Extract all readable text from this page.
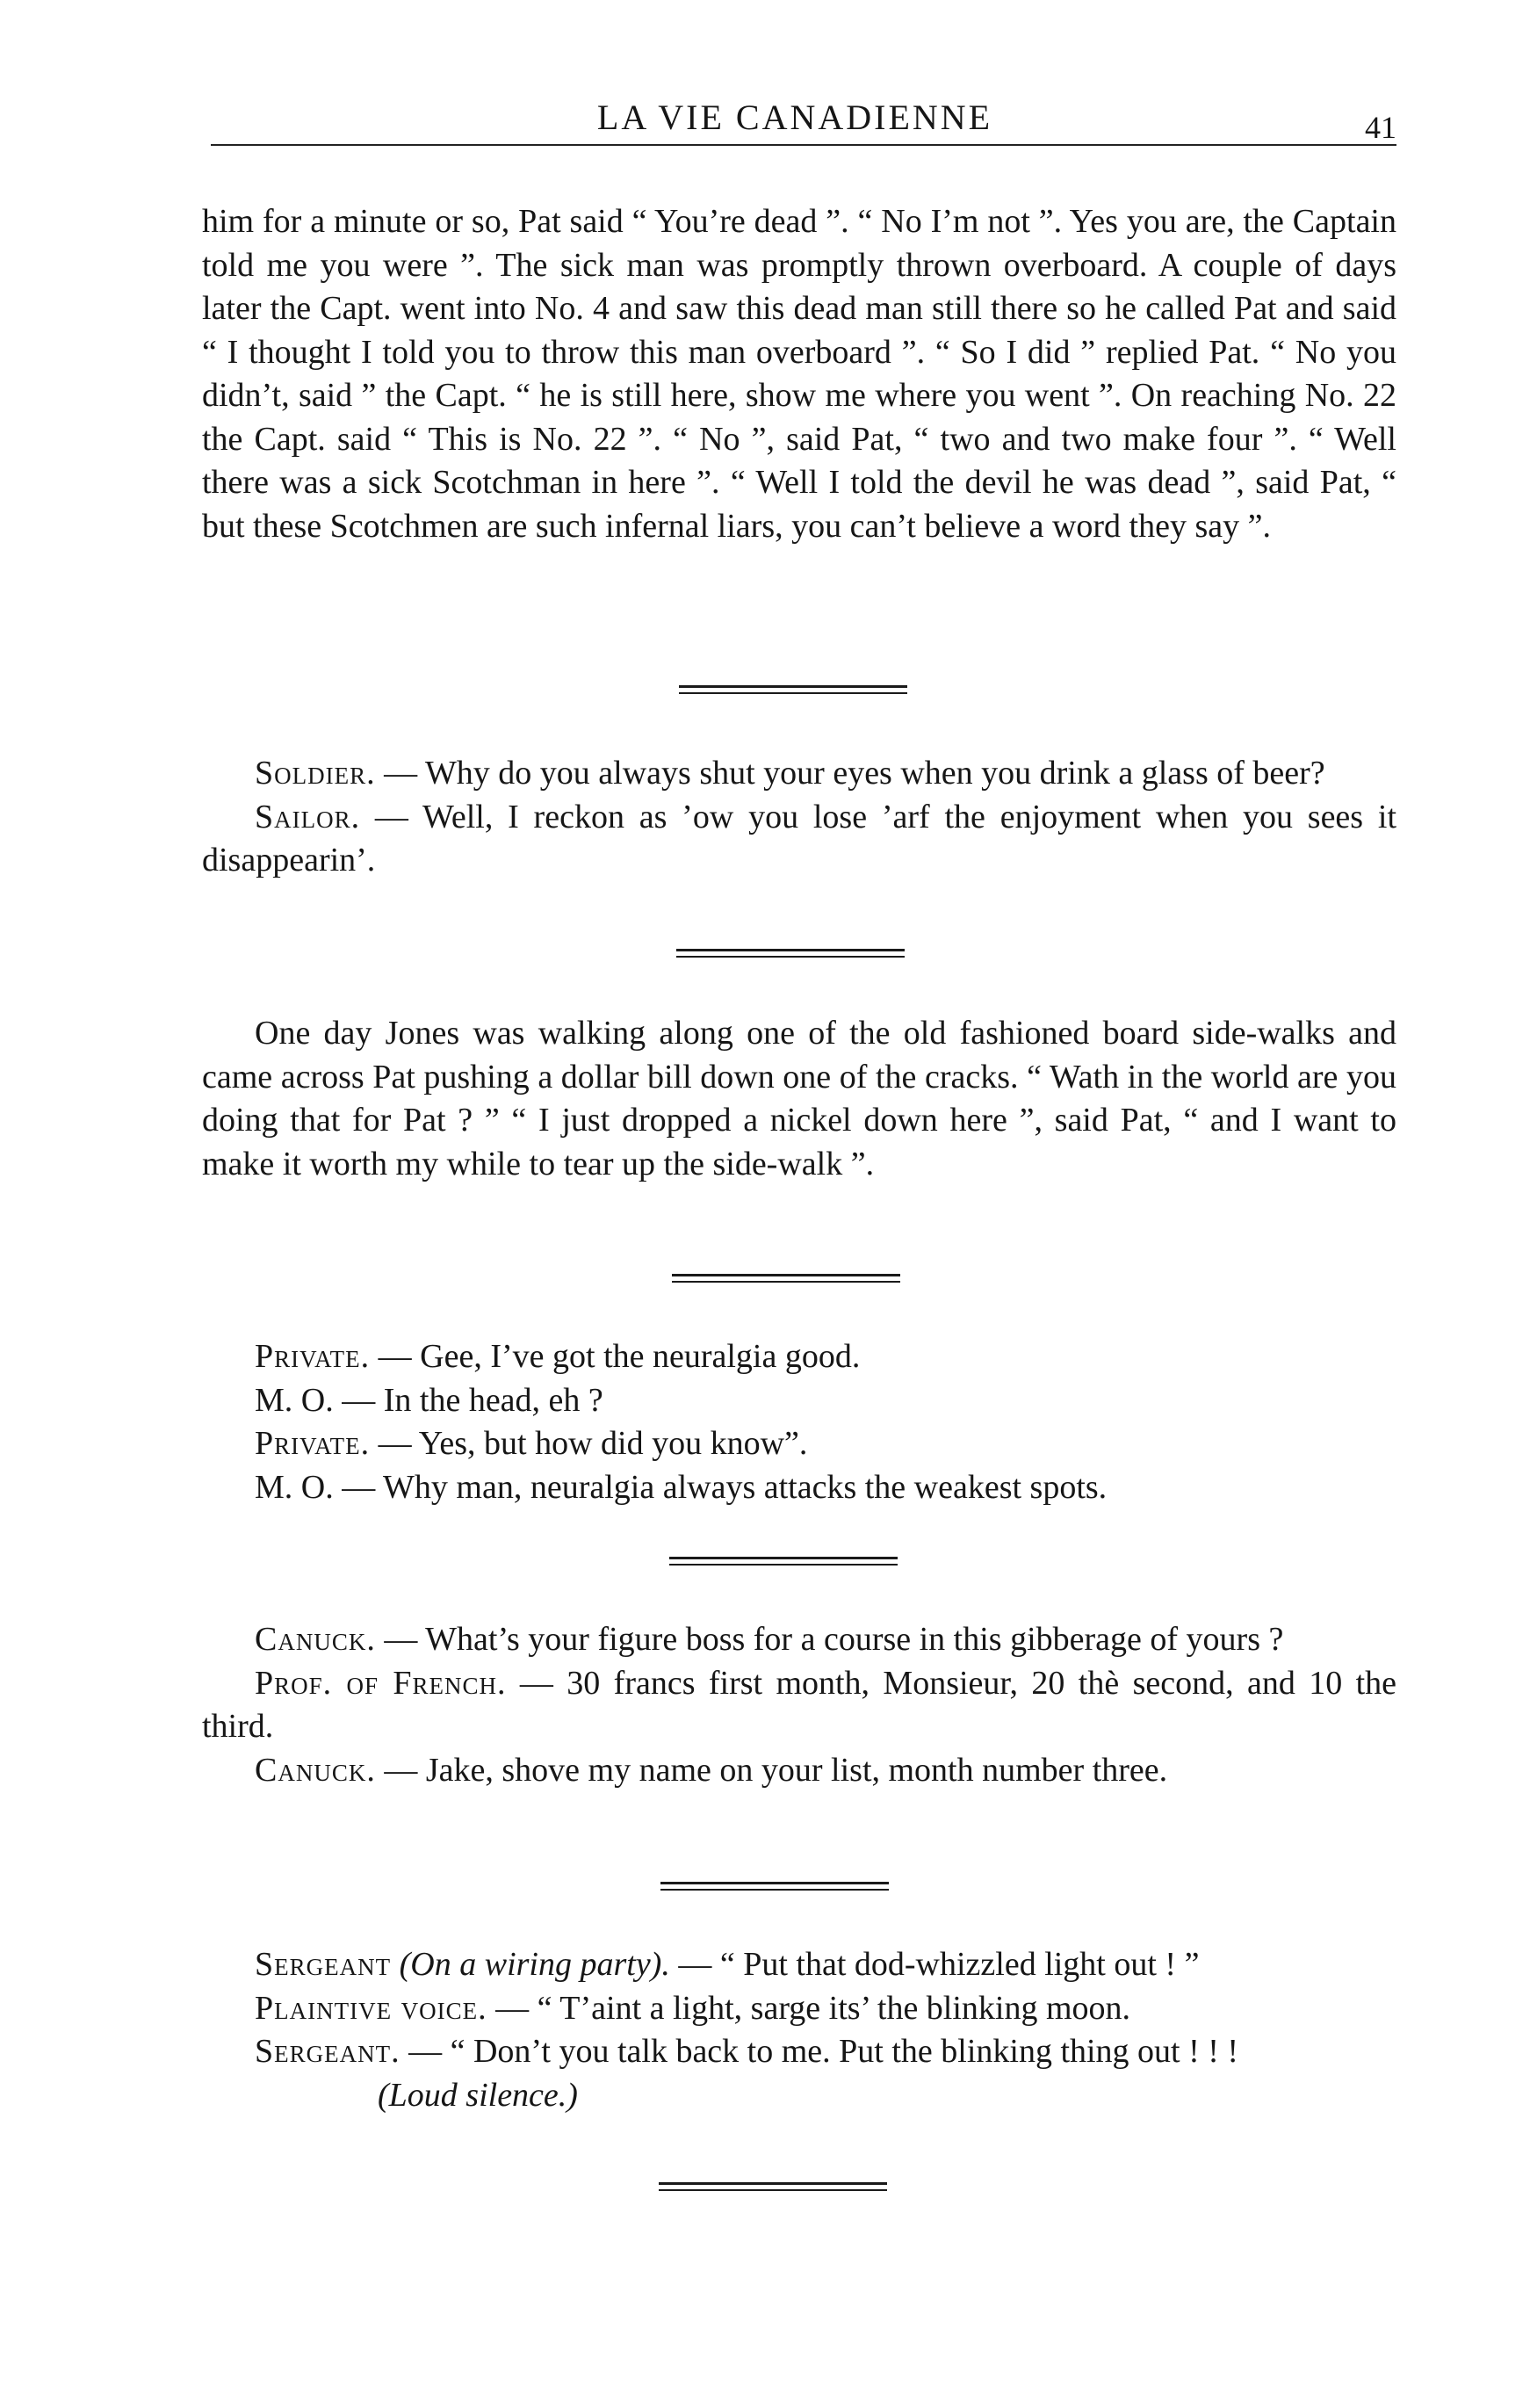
LA VIE CANADIENNE	41

him for a minute or so, Pat said “ You’re dead ”. “ No I’m not ”. Yes you are, the Captain told me you were ”. The sick man was promptly thrown overboard. A couple of days later the Capt. went into No. 4 and saw this dead man still there so he called Pat and said “ I thought I told you to throw this man overboard ”. “ So I did ” replied Pat. “ No you didn’t, said ” the Capt. “ he is still here, show me where you went ”. On reaching No. 22 the Capt. said “ This is No. 22 ”. “ No ”, said Pat, “ two and two make four ”. “ Well there was a sick Scotchman in here ”. “ Well I told the devil he was dead ”, said Pat, “ but these Scotchmen are such infernal liars, you can’t believe a word they say ”.

Soldier. — Why do you always shut your eyes when you drink a glass of beer?

Sailor. — Well, I reckon as ’ow you lose ’arf the enjoyment when you sees it disappearin’.

One day Jones was walking along one of the old fashioned board side-walks and came across Pat pushing a dollar bill down one of the cracks. “ Wath in the world are you doing that for Pat ? ” “ I just dropped a nickel down here ”, said Pat, “ and I want to make it worth my while to tear up the side-walk ”.

Private. — Gee, I’ve got the neuralgia good.

M. O. — In the head, eh ?

Private. — Yes, but how did you know”.

M. O. — Why man, neuralgia always attacks the weakest spots.

Canuck. — What’s your figure boss for a course in this gibberage of yours ?

Prof. of French. — 30 francs first month, Monsieur, 20 thè second, and 10 the third.

Canuck. — Jake, shove my name on your list, month number three.

Sergeant (On a wiring party). — “ Put that dod-whizzled light out ! ”

Plaintive voice. — “ T’aint a light, sarge its’ the blinking moon.

Sergeant. — “ Don’t you talk back to me. Put the blinking thing out ! ! !

(Loud silence.)
